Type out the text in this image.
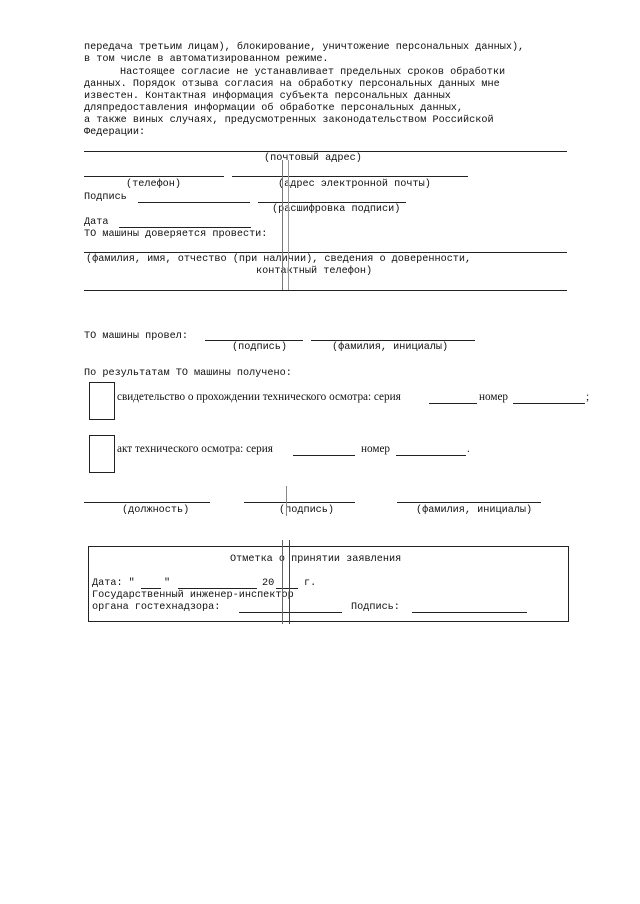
передача третьим лицам), блокирование, уничтожение персональных данных),
в том числе в автоматизированном режиме.
Настоящее согласие не устанавливает предельных сроков обработки
данных. Порядок отзыва согласия на обработку персональных данных мне
известен. Контактная информация субъекта персональных данных
дляпредоставления информации об обработке персональных данных,
а также виных случаях, предусмотренных законодательством Российской
Федерации:
(почтовый адрес)
(телефон)	(адрес электронной почты)
Подпись
(расшифровка подписи)
Дата
ТО машины доверяется провести:
(фамилия, имя, отчество (при наличии), сведения о доверенности,
контактный телефон)
ТО машины провел:
(подпись)	(фамилия, инициалы)
По результатам ТО машины получено:
свидетельство о прохождении технического осмотра: серия	номер	;
акт технического осмотра: серия	номер	.
(должность)	(подпись)	(фамилия, инициалы)
Отметка о принятии заявления
Дата: "	"	20	г.
Государственный инженер-инспектор
органа гостехнадзора:	Подпись:
